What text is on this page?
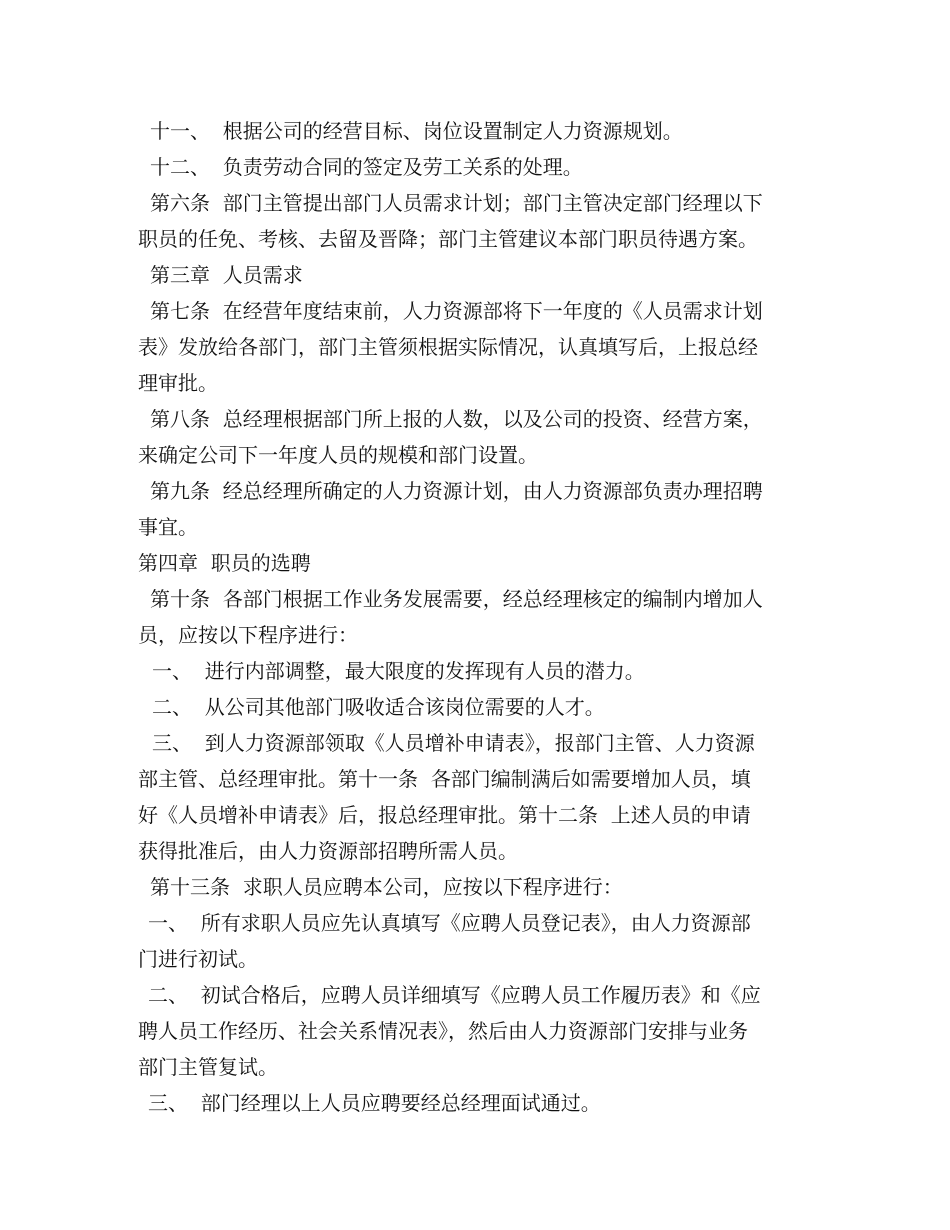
十一、  根据公司的经营目标、岗位设置制定人力资源规划。
十二、  负责劳动合同的签定及劳工关系的处理。
第六条  部门主管提出部门人员需求计划；部门主管决定部门经理以下
职员的任免、考核、去留及晋降；部门主管建议本部门职员待遇方案。
第三章  人员需求
第七条  在经营年度结束前，人力资源部将下一年度的《人员需求计划
表》发放给各部门，部门主管须根据实际情况，认真填写后，上报总经
理审批。
第八条  总经理根据部门所上报的人数，以及公司的投资、经营方案，
来确定公司下一年度人员的规模和部门设置。
第九条  经总经理所确定的人力资源计划，由人力资源部负责办理招聘
事宜。
第四章  职员的选聘
第十条  各部门根据工作业务发展需要，经总经理核定的编制内增加人
员，应按以下程序进行：
一、  进行内部调整，最大限度的发挥现有人员的潜力。
二、  从公司其他部门吸收适合该岗位需要的人才。
三、  到人力资源部领取《人员增补申请表》，报部门主管、人力资源
部主管、总经理审批。第十一条  各部门编制满后如需要增加人员，填
好《人员增补申请表》后，报总经理审批。第十二条  上述人员的申请
获得批准后，由人力资源部招聘所需人员。
第十三条  求职人员应聘本公司，应按以下程序进行：
一、  所有求职人员应先认真填写《应聘人员登记表》，由人力资源部
门进行初试。
二、  初试合格后，应聘人员详细填写《应聘人员工作履历表》和《应
聘人员工作经历、社会关系情况表》，然后由人力资源部门安排与业务
部门主管复试。
三、  部门经理以上人员应聘要经总经理面试通过。
